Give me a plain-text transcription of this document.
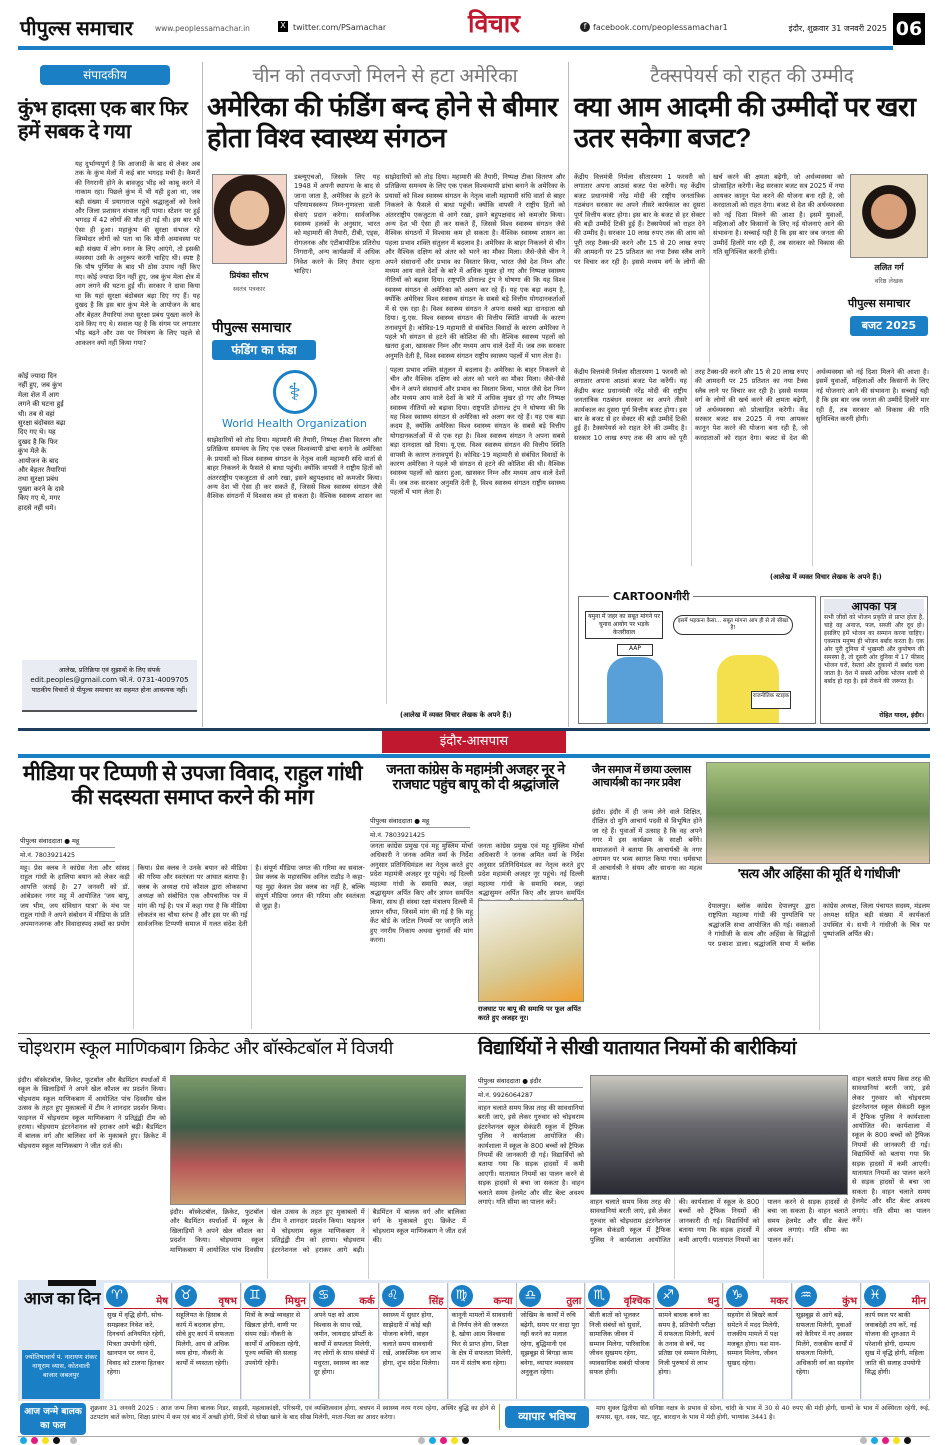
पीपुल्स समाचार	www.peoplessamachar.in	X twitter.com/PSamachar	विचार	f facebook.com/peoplessamachar1	इंदौर, शुक्रवार 31 जनवरी 2025 06
संपादकीय
कुंभ हादसा एक बार फिर हमें सबक दे गया
कोई ज्यादा दिन नहीं हुए, जब कुंभ मेला शेल में आग लगने की घटना हुई थी। तब से वहां सुरक्षा बंदोबस्त बढ़ा दिए गए थे। यह दुखद है कि फिर कुंभ मेले के आयोजन के बाद और बेहतर तैयारियां तथा सुरक्षा प्रबंध पुख्ता करने के दावे किए गए थे, मगर हादसे नहीं थमे।
यह दुर्भाग्यपूर्ण है कि आजादी के बाद से लेकर अब तक के कुंभ मेलों में कई बार भगदड़ मची है। कैमरों की निगरानी होने के बावजूद भीड़ को काबू करने में नाकाम रहा। पिछले कुंभ में भी यही हुआ था, जब बड़ी संख्या में प्रयागराज पहुंचे श्रद्धालुओं को रेलवे और जिला प्रशासन संभाल नहीं पाया। स्टेशन पर हुई भगदड़ में 42 लोगों की मौत हो गई थी। इस बार भी ऐसा ही हुआ। महाकुंभ की सुरक्षा संभाल रहे जिम्मेदार लोगों को पता था कि मौनी अमावस्या पर बड़ी संख्या में लोग स्नान के लिए आएंगे, तो इसकी व्यवस्था उसी के अनुरूप करनी चाहिए थी। स्पष्ट है कि पौष पूर्णिमा के बाद भी ठोस उपाय नहीं किए गए। कोई ज्यादा दिन नहीं हुए, जब कुंभ मेला क्षेत्र में आग लगने की घटना हुई थी। सरकार ने दावा किया था कि यहां सुरक्षा बंदोबस्त बढ़ा दिए गए हैं। यह दुखद है कि इस बार कुंभ मेले के आयोजन के बाद और बेहतर तैयारियां तथा सुरक्षा प्रबंध पुख्ता करने के दावे किए गए थे। सवाल यह है कि संगम पर लगातार भीड़ बढ़ने और उस पर नियंत्रण के लिए पहले से आकलन क्यों नहीं किया गया?
आलेख, प्रतिक्रिया एवं सुझावों के लिए संपर्क
edit.peoples@gmail.com फो.नं. 0731-4009705
पाठकीय विचारों से पीपुल्स समाचार का सहमत होना आवश्यक नहीं।
चीन को तवज्जो मिलने से हटा अमेरिका
अमेरिका की फंडिंग बन्द होने से बीमार होता विश्व स्वास्थ्य संगठन
प्रियंका सौरभ
स्वतंत्र पत्रकार
पीपुल्स समाचार
फंडिंग का फंडा
डब्ल्यूएचओ, जिसके लिए यह 1948 में अपनी स्थापना के बाद से जाना जाता है, अमेरिका के हटने के परिणामस्वरूप निम्न-गुणवत्ता वाली सेवाएं प्रदान करेगा। सार्वजनिक स्वास्थ्य हलकों के अनुसार, भारत को महामारी की तैयारी, टीबी, एड्स, रोगजनक और एंटीबायोटिक प्रतिरोध निगरानी, अन्य कार्यक्रमों में अधिक निवेश करने के लिए तैयार रहना चाहिए।
साझेदारियों को तोड़ दिया। महामारी की तैयारी, निष्पक्ष टीका वितरण और प्रतिक्रिया समन्वय के लिए एक एकल विश्वव्यापी ढांचा बनाने के अमेरिका के प्रयासों को विश्व स्वास्थ्य संगठन के नेतृत्व वाली महामारी संधि वार्ता से बाहर निकलने के फैसले से बाधा पहुंची। क्योंकि वापसी ने राष्ट्रीय हितों को अंतरराष्ट्रीय एकजुटता से आगे रखा, इसने बहुपक्षवाद को कमजोर किया। अन्य देश भी ऐसा ही कर सकते हैं, जिससे विश्व स्वास्थ्य संगठन जैसे वैश्विक संगठनों में विश्वास कम हो सकता है। वैश्विक स्वास्थ्य शासन का पहला प्रभाव शक्ति संतुलन में बदलाव है। अमेरिका के बाहर निकलने से चीन और वैश्विक दक्षिण को अंतर को भरने का मौका मिला। जैसे-जैसे चीन ने अपने संसाधनों और प्रभाव का विस्तार किया, भारत जैसे देश निम्न और मध्यम आय वाले देशों के बारे में अधिक मुखर हो गए और निष्पक्ष स्वास्थ्य नीतियों को बढ़ावा दिया। राष्ट्रपति डोनाल्ड ट्रंप ने घोषणा की कि यह विश्व स्वास्थ्य संगठन से अमेरिका को अलग कर रहे हैं। यह एक बड़ा कदम है, क्योंकि अमेरिका विश्व स्वास्थ्य संगठन के सबसे बड़े वित्तीय योगदानकर्ताओं में से एक रहा है। विश्व स्वास्थ्य संगठन ने अपना सबसे बड़ा दानदाता खो दिया। यू.एस. विश्व स्वास्थ्य संगठन की वित्तीय स्थिति वापसी के कारण तनावपूर्ण है। कोविड-19 महामारी से संबंधित विवादों के कारण अमेरिका ने पहले भी संगठन से हटने की कोशिश की थी। वैश्विक स्वास्थ्य पहलों को खतरा हुआ, खासकर निम्न और मध्यम आय वाले देशों में। जब तक सरकार अनुमति देती है, विश्व स्वास्थ्य संगठन राष्ट्रीय स्वास्थ्य पहलों में भाग लेता है।
⚕
World Health Organization
साझेदारियों को तोड़ दिया। महामारी की तैयारी, निष्पक्ष टीका वितरण और प्रतिक्रिया समन्वय के लिए एक एकल विश्वव्यापी ढांचा बनाने के अमेरिका के प्रयासों को विश्व स्वास्थ्य संगठन के नेतृत्व वाली महामारी संधि वार्ता से बाहर निकलने के फैसले से बाधा पहुंची। क्योंकि वापसी ने राष्ट्रीय हितों को अंतरराष्ट्रीय एकजुटता से आगे रखा, इसने बहुपक्षवाद को कमजोर किया। अन्य देश भी ऐसा ही कर सकते हैं, जिससे विश्व स्वास्थ्य संगठन जैसे वैश्विक संगठनों में विश्वास कम हो सकता है। वैश्विक स्वास्थ्य शासन का पहला प्रभाव शक्ति संतुलन में बदलाव है। अमेरिका के बाहर निकलने से चीन और वैश्विक दक्षिण को अंतर को भरने का मौका मिला। जैसे-जैसे चीन ने अपने संसाधनों और प्रभाव का विस्तार किया, भारत जैसे देश निम्न और मध्यम आय वाले देशों के बारे में अधिक मुखर हो गए और निष्पक्ष स्वास्थ्य नीतियों को बढ़ावा दिया। राष्ट्रपति डोनाल्ड ट्रंप ने घोषणा की कि यह विश्व स्वास्थ्य संगठन से अमेरिका को अलग कर रहे हैं। यह एक बड़ा कदम है, क्योंकि अमेरिका विश्व स्वास्थ्य संगठन के सबसे बड़े वित्तीय योगदानकर्ताओं में से एक रहा है। विश्व स्वास्थ्य संगठन ने अपना सबसे बड़ा दानदाता खो दिया। यू.एस. विश्व स्वास्थ्य संगठन की वित्तीय स्थिति वापसी के कारण तनावपूर्ण है। कोविड-19 महामारी से संबंधित विवादों के कारण अमेरिका ने पहले भी संगठन से हटने की कोशिश की थी। वैश्विक स्वास्थ्य पहलों को खतरा हुआ, खासकर निम्न और मध्यम आय वाले देशों में। जब तक सरकार अनुमति देती है, विश्व स्वास्थ्य संगठन राष्ट्रीय स्वास्थ्य पहलों में भाग लेता है।
(आलेख में व्यक्त विचार लेखक के अपने हैं।)
टैक्सपेयर्स को राहत की उम्मीद
क्या आम आदमी की उम्मीदों पर खरा उतर सकेगा बजट?
केंद्रीय वित्तमंत्री निर्मला सीतारमण 1 फरवरी को लगातार अपना आठवां बजट पेश करेंगी। यह केंद्रीय बजट प्रधानमंत्री नरेंद्र मोदी की राष्ट्रीय जनतांत्रिक गठबंधन सरकार का अपने तीसरे कार्यकाल का दूसरा पूर्ण वित्तीय बजट होगा। इस बार के बजट से हर सेक्टर की बड़ी उम्मीदें टिकी हुई हैं। टैक्सपेयर्स को राहत देने की उम्मीद है। सरकार 10 लाख रुपए तक की आय को पूरी तरह टैक्स-फ्री करने और 15 से 20 लाख रुपए की आमदनी पर 25 प्रतिशत का नया टैक्स स्लैब लाने पर विचार कर रही है। इससे मध्यम वर्ग के लोगों की खर्च करने की क्षमता बढ़ेगी, जो अर्थव्यवस्था को प्रोत्साहित करेगी। केंद्र सरकार बजट सत्र 2025 में नया आयकर कानून पेश करने की योजना बना रही है, जो करदाताओं को राहत देगा। बजट से देश की अर्थव्यवस्था को नई दिशा मिलने की आशा है। इसमें युवाओं, महिलाओं और किसानों के लिए नई योजनाएं आने की संभावना है। सच्चाई यही है कि इस बार जब जनता की उम्मीदें हिलोरे मार रही हैं, तब सरकार को विकास की गति सुनिश्चित करनी होगी।
ललित गर्ग
वरिष्ठ लेखक
पीपुल्स समाचार
बजट 2025
केंद्रीय वित्तमंत्री निर्मला सीतारमण 1 फरवरी को लगातार अपना आठवां बजट पेश करेंगी। यह केंद्रीय बजट प्रधानमंत्री नरेंद्र मोदी की राष्ट्रीय जनतांत्रिक गठबंधन सरकार का अपने तीसरे कार्यकाल का दूसरा पूर्ण वित्तीय बजट होगा। इस बार के बजट से हर सेक्टर की बड़ी उम्मीदें टिकी हुई हैं। टैक्सपेयर्स को राहत देने की उम्मीद है। सरकार 10 लाख रुपए तक की आय को पूरी तरह टैक्स-फ्री करने और 15 से 20 लाख रुपए की आमदनी पर 25 प्रतिशत का नया टैक्स स्लैब लाने पर विचार कर रही है। इससे मध्यम वर्ग के लोगों की खर्च करने की क्षमता बढ़ेगी, जो अर्थव्यवस्था को प्रोत्साहित करेगी। केंद्र सरकार बजट सत्र 2025 में नया आयकर कानून पेश करने की योजना बना रही है, जो करदाताओं को राहत देगा। बजट से देश की अर्थव्यवस्था को नई दिशा मिलने की आशा है। इसमें युवाओं, महिलाओं और किसानों के लिए नई योजनाएं आने की संभावना है। सच्चाई यही है कि इस बार जब जनता की उम्मीदें हिलोरे मार रही हैं, तब सरकार को विकास की गति सुनिश्चित करनी होगी।
(आलेख में व्यक्त विचार लेखक के अपने हैं।)
CARTOONगीरी
यमुना में जहर का सबूत मांगने पर चुनाव आयोग पर भड़के केजरीवाल
इसमें भड़कना कैसा... सबूत मांगना आप ही से तो सीखा है!
AAP
राजनीतिक स्टाइक
आपका पत्र
सभी जीवों को भोजन प्रकृति से प्राप्त होता है, चाहे वह अनाज, फल, सब्जी और दूध हो। इसलिए हमें भोजन का सम्मान करना चाहिए। एकमात्र मनुष्य ही भोजन बर्बाद करता है। एक ओर पूरी दुनिया में भुखमरी और कुपोषण की समस्या है, तो दूसरी ओर दुनिया में 17 फीसद भोजन घरों, रेस्तरां और दुकानों में बर्बाद चला जाता है। देश में सबसे अधिक भोजन थाली से बर्बाद हो रहा है। इसे रोकने की जरूरत है।
रोहित यादव, इंदौर।
इंदौर-आसपास
मीडिया पर टिप्पणी से उपजा विवाद, राहुल गांधी की सदस्यता समाप्त करने की मांग
पीपुल्स संवाददाता ● महू
मो.नं. 7803921425
महू। प्रेस क्लब ने कांग्रेस नेता और सांसद राहुल गांधी के हालिया बयान को लेकर कड़ी आपत्ति जताई है। 27 जनवरी को डॉ. आंबेडकर नगर महू में आयोजित 'जय बापू, जय भीम, जय संविधान यात्रा' के मंच पर राहुल गांधी ने अपने संबोधन में मीडिया के प्रति अपमानजनक और विवादास्पद शब्दों का प्रयोग किया। प्रेस क्लब ने उनके बयान को मीडिया की गरिमा और स्वतंत्रता पर आघात बताया है। क्लब के अध्यक्ष राधे कौशल द्वारा लोकसभा अध्यक्ष को संबोधित एक औपचारिक पत्र में मांग की गई है। पत्र में कहा गया है कि मीडिया लोकतंत्र का चौथा स्तंभ है और इस पर की गई सार्वजनिक टिप्पणी समाज में गलत संदेश देती है। संपूर्ण मीडिया जगत की गरिमा का सवाल-प्रेस क्लब के महासचिव अनिल राठौड़ ने कहा- यह मुद्दा केवल प्रेस क्लब का नहीं है, बल्कि संपूर्ण मीडिया जगत की गरिमा और स्वतंत्रता से जुड़ा है।
जनता कांग्रेस के महामंत्री अजहर नूर ने राजघाट पहुंच बापू को दी श्रद्धांजलि
पीपुल्स संवाददाता ● महू
मो.नं. 7803921425
जनता कांग्रेस प्रमुख एवं महू मुस्लिम मोर्चा अधिकारी ने जनक अमित वर्मा के निर्देश अनुसार प्रतिनिधिमंडल का नेतृत्व करते हुए प्रदेश महामंत्री अजहर नूर पहुंचे। नई दिल्ली महात्मा गांधी के समाधि स्थल, जहां श्रद्धासुमन अर्पित किए और ज्ञापन समर्पित किया, साथ ही संस्था रक्षा मंत्रालय दिल्ली में ज्ञापन सौंपा, जिसमें मांग की गई है कि महू केंट बोर्ड के जटिल नियमों पर जागृति लाते हुए नगरीय निकाय अथवा चुनावों की मांग करना।
जनता कांग्रेस प्रमुख एवं महू मुस्लिम मोर्चा अधिकारी ने जनक अमित वर्मा के निर्देश अनुसार प्रतिनिधिमंडल का नेतृत्व करते हुए प्रदेश महामंत्री अजहर नूर पहुंचे। नई दिल्ली महात्मा गांधी के समाधि स्थल, जहां श्रद्धासुमन अर्पित किए और ज्ञापन समर्पित
राजघाट पर बापू की समाधि पर फूल अर्पित करते हुए अजहर नूर।
जैन समाज में छाया उल्लास आचार्यश्री का नगर प्रवेश
इंदौर। इंदौर में ही जन्म लेने वाले शिक्षित, दीक्षित दो मुनि आचार्य पदवी से विभूषित होने जा रहे हैं। युवाओं में उत्साह है कि वह अपने नगर में इस कार्यक्रम के साक्षी बनेंगे। समाजजनों ने बताया कि आचार्यश्री के नगर आगमन पर भव्य स्वागत किया गया। धर्मसभा में आचार्यश्री ने संयम और साधना का महत्व बताया।	'सत्य और अहिंसा की मूर्ति थे गांधीजी'
देपालपुर। ब्लॉक कांग्रेस देपालपुर द्वारा राष्ट्रपिता महात्मा गांधी की पुण्यतिथि पर श्रद्धांजलि सभा आयोजित की गई। वक्ताओं ने गांधीजी के सत्य और अहिंसा के सिद्धांतों पर प्रकाश डाला। श्रद्धांजलि सभा में ब्लॉक कांग्रेस अध्यक्ष, जिला पंचायत सदस्य, मंडलम अध्यक्ष सहित बड़ी संख्या में कार्यकर्ता उपस्थित थे। सभी ने गांधीजी के चित्र पर पुष्पांजलि अर्पित की।
चोइथराम स्कूल माणिकबाग क्रिकेट और बॉस्केटबॉल में विजयी
इंदौर। बॉस्केटबॉल, क्रिकेट, फुटबॉल और बैडमिंटन स्पर्धाओं में स्कूल के खिलाड़ियों ने अपने खेल कौशल का प्रदर्शन किया। चोइथराम स्कूल माणिकबाग में आयोजित पांच दिवसीय खेल उत्सव के तहत हुए मुकाबलों में टीम ने शानदार प्रदर्शन किया। फाइनल में चोइथराम स्कूल माणिकबाग ने प्रतिद्वंद्वी टीम को हराया। चोइथराम इंटरनेशनल को हराकर आगे बढ़ी। बैडमिंटन में बालक वर्ग और बालिका वर्ग के मुकाबले हुए। क्रिकेट में चोइथराम स्कूल माणिकबाग ने जीत दर्ज की।
इंदौर। बॉस्केटबॉल, क्रिकेट, फुटबॉल और बैडमिंटन स्पर्धाओं में स्कूल के खिलाड़ियों ने अपने खेल कौशल का प्रदर्शन किया। चोइथराम स्कूल माणिकबाग में आयोजित पांच दिवसीय खेल उत्सव के तहत हुए मुकाबलों में टीम ने शानदार प्रदर्शन किया। फाइनल में चोइथराम स्कूल माणिकबाग ने प्रतिद्वंद्वी टीम को हराया। चोइथराम इंटरनेशनल को हराकर आगे बढ़ी। बैडमिंटन में बालक वर्ग और बालिका वर्ग के मुकाबले हुए। क्रिकेट में चोइथराम स्कूल माणिकबाग ने जीत दर्ज की।
विद्यार्थियों ने सीखी यातायात नियमों की बारीकियां
पीपुल्स संवाददाता ● इंदौर
मो.नं. 9926064287
वाहन चलाते समय किस तरह की सावधानियां बरती जाएं, इसे लेकर गुरुवार को चोइथराम इंटरनेशनल स्कूल सेकंडरी स्कूल में ट्रैफिक पुलिस ने कार्यशाला आयोजित की। कार्यशाला में स्कूल के 800 बच्चों को ट्रैफिक नियमों की जानकारी दी गई। विद्यार्थियों को बताया गया कि सड़क हादसों में कमी आएगी। यातायात नियमों का पालन करने से सड़क हादसों से बचा जा सकता है। वाहन चलाते समय हेलमेट और सीट बेल्ट अवश्य लगाएं। गति सीमा का पालन करें।	वाहन चलाते समय किस तरह की सावधानियां बरती जाएं, इसे लेकर गुरुवार को चोइथराम इंटरनेशनल स्कूल सेकंडरी स्कूल में ट्रैफिक पुलिस ने कार्यशाला आयोजित की। कार्यशाला में स्कूल के 800 बच्चों को ट्रैफिक नियमों की जानकारी दी गई। विद्यार्थियों को बताया गया कि सड़क हादसों में कमी आएगी। यातायात नियमों का पालन करने से सड़क हादसों से बचा जा सकता है। वाहन चलाते समय हेलमेट और सीट बेल्ट अवश्य लगाएं। गति सीमा का पालन करें।
वाहन चलाते समय किस तरह की सावधानियां बरती जाएं, इसे लेकर गुरुवार को चोइथराम इंटरनेशनल स्कूल सेकंडरी स्कूल में ट्रैफिक पुलिस ने कार्यशाला आयोजित की। कार्यशाला में स्कूल के 800 बच्चों को ट्रैफिक नियमों की जानकारी दी गई। विद्यार्थियों को बताया गया कि सड़क हादसों में कमी आएगी। यातायात नियमों का पालन करने से सड़क हादसों से बचा जा सकता है। वाहन चलाते समय हेलमेट और सीट बेल्ट अवश्य लगाएं। गति सीमा का पालन करें।
आज का दिन
ज्योतिषाचार्य पं. नारायण शंकर नाथूराम व्यास, कोतवाली बाजार जबलपुर
♈	मेष
सुख में वृद्धि होगी, सोच-समझकर निवेश करें, दिनचर्या अनियमित रहेगी, मित्रता उपयोगी रहेगी, खानपान पर ध्यान दें, विवाद को टालना हितकर रहेगा।
♉	वृषभ
सहूलियत के हिसाब से कार्य में बदलाव होगा, सोचे हुए कार्य में सफलता मिलेगी, आय से अधिक व्यय होगा, नौकरी के कार्यों में व्यस्तता रहेगी।
♊	मिथुन
मित्रों के रूखे व्यवहार से खिन्नता होगी, वाणी पर संयम रखें। नौकरी के कार्यों में अधिकता रहेगी, पूज्य व्यक्ति की सलाह उपयोगी रहेगी।
♋	कर्क
अपने पक्ष को आत्म विश्वास के साथ रखें, जमीन, जायदाद प्रॉपर्टी के कार्यों में सफलता मिलेगी, नए लोगों के साथ संबंधों में मधुरता, स्वास्थ्य का कष्ट दूर होगा।
♌	सिंह
स्वास्थ्य में सुधार होगा, साझेदारी में कोई बड़ी योजना बनेगी, वाहन चलाते समय सावधानी रखें, आकस्मिक धन लाभ होगा, शुभ संदेश मिलेगा।
♍	कन्या
कानूनी मामलों में सावधानी से निर्णय लेने की जरूरत है, खोया आत्म विश्वास फिर से प्राप्त होगा, शिक्षा के क्षेत्र में सफलता मिलेगी, मन में संतोष बना रहेगा।
♎	तुला
जोखिम के कार्यों में रुचि बढ़ेगी, समय पर वादा पूरा नहीं करने का मलाल रहेगा, बुद्धिमानी एवं सूझबूझ से बिगड़ा काम बनेगा, व्यापार व्यवसाय अनुकूल रहेगा।
♏	वृश्चिक
बीती बातों को भूलकर निजी संबंधों को सुधारें, सामाजिक जीवन में सम्मान मिलेगा, पारिवारिक जीवन सुखमय रहेगा, व्यावसायिक सबंधी योजना सफल होगी।
♐	धनु
सामने बाधक बनने का समय है, प्रतियोगी परीक्षा में सफलता मिलेगी, कार्य के तनाव से बचें, पद प्रतिष्ठा एवं सम्मान मिलेगा, निजी पुरुषार्थ से लाभ होगा।
♑	मकर
सहयोग से बिखरे कार्य समेटने में मदद मिलेगी, राजकीय मामले में पक्ष मजबूत होगा। यश मान-सम्मान मिलेगा, जीवन सुखद रहेगा।
♒	कुंभ
सूझबूझ से आगे बढ़ें, सफलता मिलेगी, युवाओं को कैरियर में नए अवसर मिलेंगे, राजकीय कार्यों में सफलता मिलेगी, अधिकारी वर्ग का सहयोग रहेगा।
♓	मीन
कार्य स्थल पर बाकी जवाबदेही तय करें, नई योजना की शुरुआत में परेशानी होगी, दाम्पत्य सुख में वृद्धि होगी, महिला जाति की सलाह उपयोगी सिद्ध होगी।
आज जन्मे बालक का फल
शुक्रवार 31 जनवरी 2025 : आज जन्म लिया बालक निडर, साहसी, महत्वाकांक्षी, परिश्रमी, एवं व्यक्तित्ववान होगा, बचपन में स्वास्थ्य नरम गरम रहेगा, अस्थिर बुद्धि का होने से उटपटांग बातें करेगा, शिक्षा प्रारंभ में कम एवं बाद में अच्छी होगी, मित्रों से धोखा खाने के बाद सीख मिलेगी, माता-पिता का आदर करेगा।	व्यापार भविष्य
माघ शुक्ल द्वितीया को धनिष्ठा नक्षत्र के प्रभाव से सोना, चांदी के भाव में 30 से 40 रुपए की मंदी होगी, धान्यों के भाव में अस्थिरता रहेगी, रूई, कपास, सूत, वस्त्र, पाट, जूट, बारदान के भाव में मंदी होगी, भाग्यांक 3441 है।
